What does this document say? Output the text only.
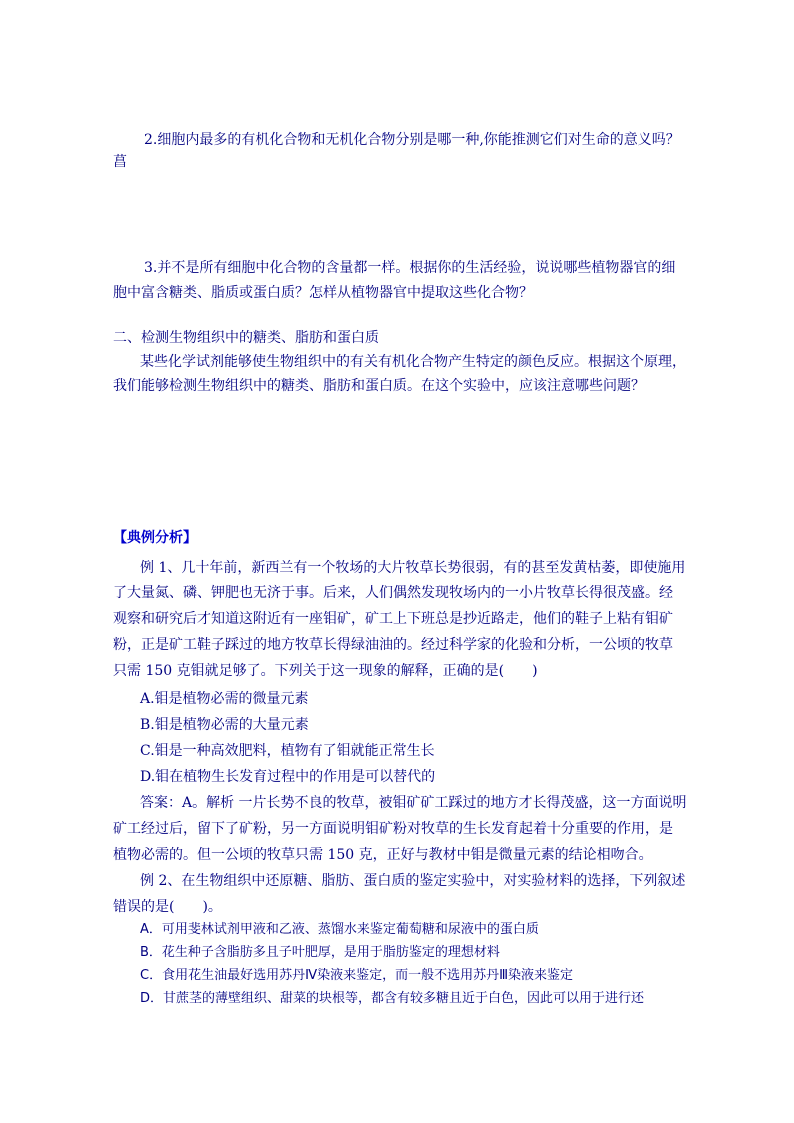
2.细胞内最多的有机化合物和无机化合物分别是哪一种,你能推测它们对生命的意义吗？
菖
3.并不是所有细胞中化合物的含量都一样。根据你的生活经验，说说哪些植物器官的细
胞中富含糖类、脂质或蛋白质？怎样从植物器官中提取这些化合物？
二、检测生物组织中的糖类、脂肪和蛋白质
某些化学试剂能够使生物组织中的有关有机化合物产生特定的颜色反应。根据这个原理，
我们能够检测生物组织中的糖类、脂肪和蛋白质。在这个实验中，应该注意哪些问题？
【典例分析】
例 1、几十年前，新西兰有一个牧场的大片牧草长势很弱，有的甚至发黄枯萎，即使施用
了大量氮、磷、钾肥也无济于事。后来，人们偶然发现牧场内的一小片牧草长得很茂盛。经
观察和研究后才知道这附近有一座钼矿，矿工上下班总是抄近路走，他们的鞋子上粘有钼矿
粉，正是矿工鞋子踩过的地方牧草长得绿油油的。经过科学家的化验和分析，一公顷的牧草
只需 150 克钼就足够了。下列关于这一现象的解释，正确的是(　　)
A.钼是植物必需的微量元素
B.钼是植物必需的大量元素
C.钼是一种高效肥料，植物有了钼就能正常生长
D.钼在植物生长发育过程中的作用是可以替代的
答案：A。解析 一片长势不良的牧草，被钼矿矿工踩过的地方才长得茂盛，这一方面说明
矿工经过后，留下了矿粉，另一方面说明钼矿粉对牧草的生长发育起着十分重要的作用，是
植物必需的。但一公顷的牧草只需 150 克，正好与教材中钼是微量元素的结论相吻合。
例 2、在生物组织中还原糖、脂肪、蛋白质的鉴定实验中，对实验材料的选择，下列叙述
错误的是(　　)。
A．可用斐林试剂甲液和乙液、蒸馏水来鉴定葡萄糖和尿液中的蛋白质
B．花生种子含脂肪多且子叶肥厚，是用于脂肪鉴定的理想材料
C．食用花生油最好选用苏丹Ⅳ染液来鉴定，而一般不选用苏丹Ⅲ染液来鉴定
D．甘蔗茎的薄壁组织、甜菜的块根等，都含有较多糖且近于白色，因此可以用于进行还
